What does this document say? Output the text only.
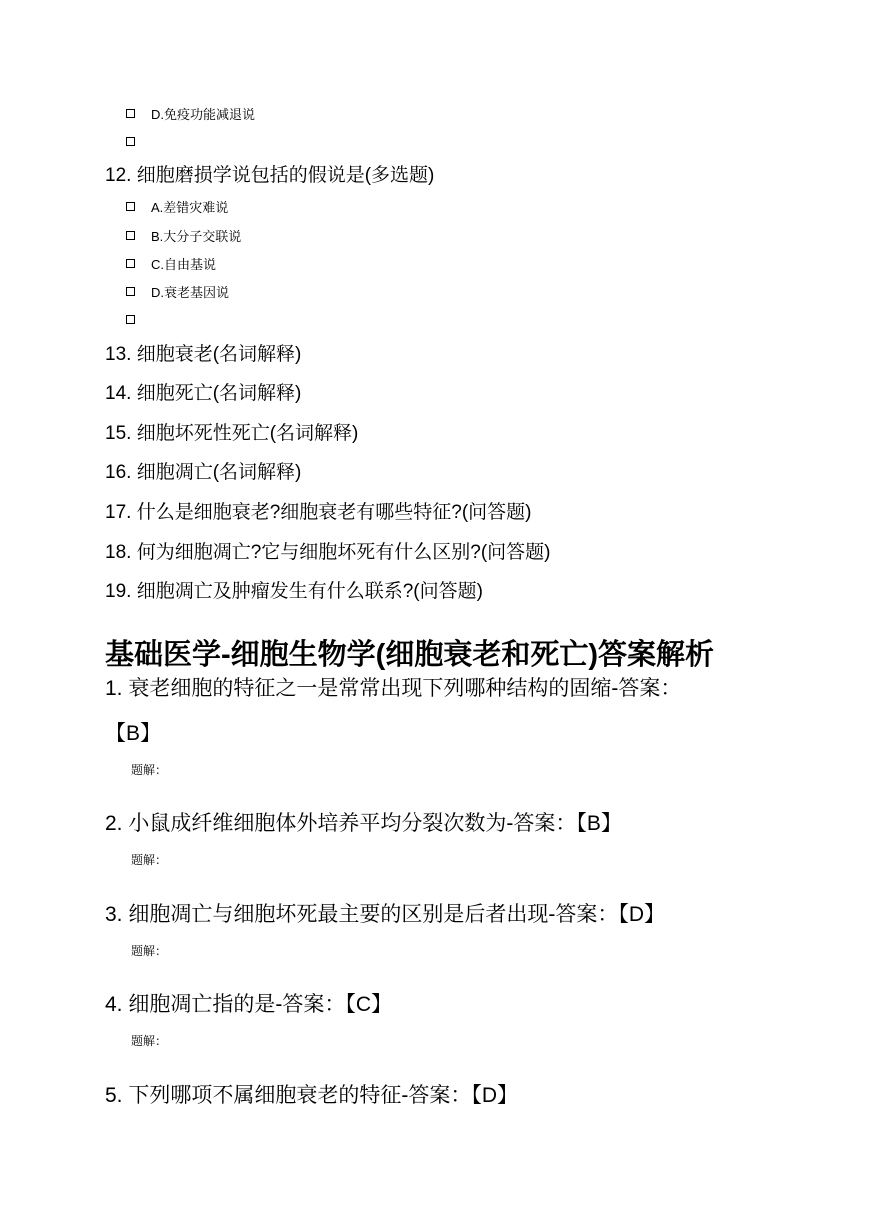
D.免疫功能减退说
12. 细胞磨损学说包括的假说是(多选题)
A.差错灾难说
B.大分子交联说
C.自由基说
D.衰老基因说
13. 细胞衰老(名词解释)
14. 细胞死亡(名词解释)
15. 细胞坏死性死亡(名词解释)
16. 细胞凋亡(名词解释)
17. 什么是细胞衰老?细胞衰老有哪些特征?(问答题)
18. 何为细胞凋亡?它与细胞坏死有什么区别?(问答题)
19. 细胞凋亡及肿瘤发生有什么联系?(问答题)
基础医学-细胞生物学(细胞衰老和死亡)答案解析
1. 衰老细胞的特征之一是常常出现下列哪种结构的固缩-答案：
【B】
题解：
2. 小鼠成纤维细胞体外培养平均分裂次数为-答案：【B】
题解：
3. 细胞凋亡与细胞坏死最主要的区别是后者出现-答案：【D】
题解：
4. 细胞凋亡指的是-答案：【C】
题解：
5. 下列哪项不属细胞衰老的特征-答案：【D】
